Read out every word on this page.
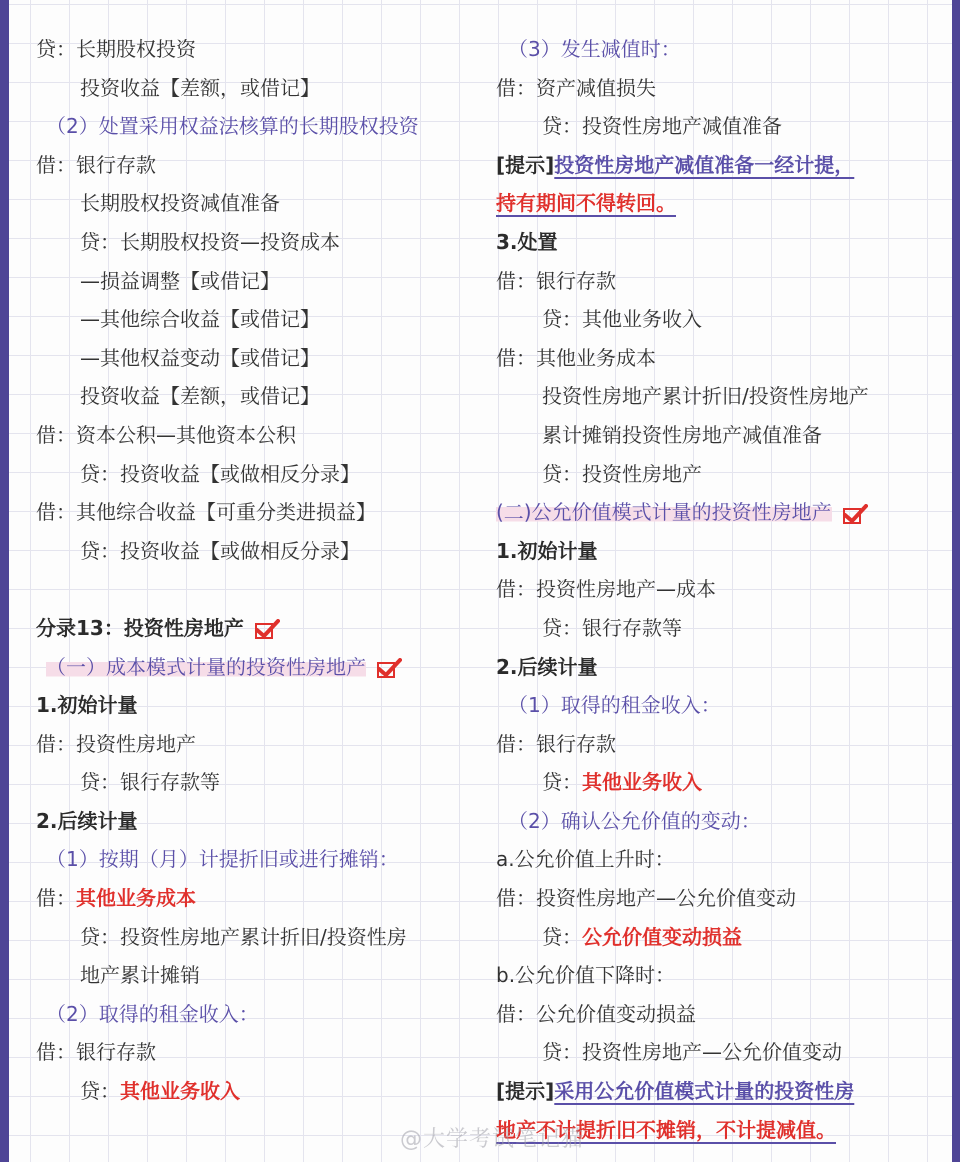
贷：长期股权投资
投资收益【差额，或借记】
（2）处置采用权益法核算的长期股权投资
借：银行存款
长期股权投资减值准备
贷：长期股权投资—投资成本
—损益调整【或借记】
—其他综合收益【或借记】
—其他权益变动【或借记】
投资收益【差额，或借记】
借：资本公积—其他资本公积
贷：投资收益【或做相反分录】
借：其他综合收益【可重分类进损益】
贷：投资收益【或做相反分录】
分录13：投资性房地产
（一）成本模式计量的投资性房地产
1.初始计量
借：投资性房地产
贷：银行存款等
2.后续计量
（1）按期（月）计提折旧或进行摊销：
借：其他业务成本
贷：投资性房地产累计折旧/投资性房
地产累计摊销
（2）取得的租金收入：
借：银行存款
贷：其他业务收入
（3）发生减值时：
借：资产减值损失
贷：投资性房地产减值准备
[提示]投资性房地产减值准备一经计提，
持有期间不得转回。
3.处置
借：银行存款
贷：其他业务收入
借：其他业务成本
投资性房地产累计折旧/投资性房地产
累计摊销投资性房地产减值准备
贷：投资性房地产
(二)公允价值模式计量的投资性房地产
1.初始计量
借：投资性房地产—成本
贷：银行存款等
2.后续计量
（1）取得的租金收入：
借：银行存款
贷：其他业务收入
（2）确认公允价值的变动：
a.公允价值上升时：
借：投资性房地产—公允价值变动
贷：公允价值变动损益
b.公允价值下降时：
借：公允价值变动损益
贷：投资性房地产—公允价值变动
[提示]采用公允价值模式计量的投资性房
地产不计提折旧不摊销，不计提减值。
@大学考试笔记猫
